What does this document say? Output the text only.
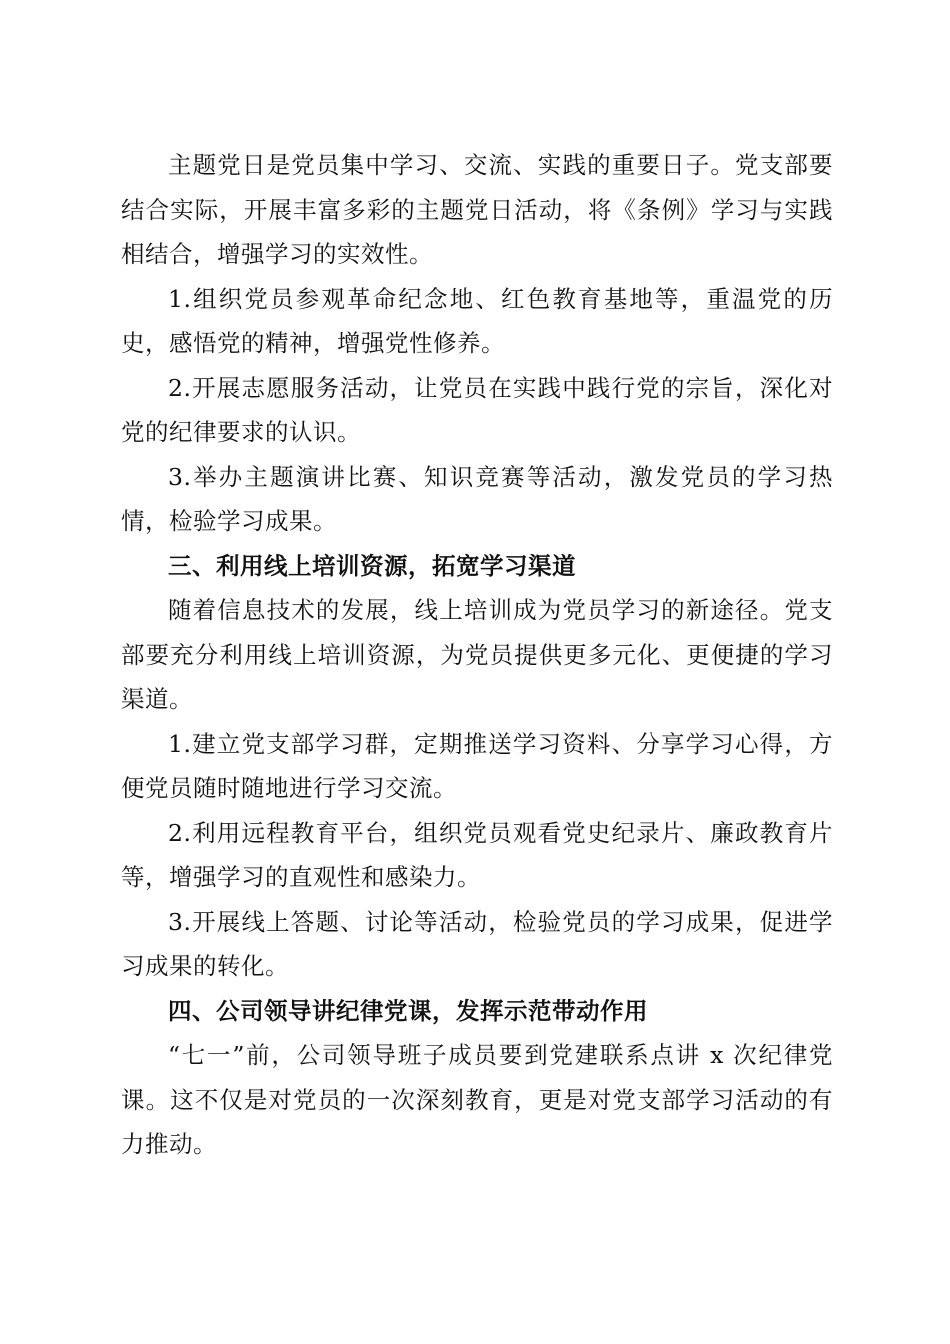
主题党日是党员集中学习、交流、实践的重要日子。党支部要结合实际，开展丰富多彩的主题党日活动，将《条例》学习与实践相结合，增强学习的实效性。

1.组织党员参观革命纪念地、红色教育基地等，重温党的历史，感悟党的精神，增强党性修养。

2.开展志愿服务活动，让党员在实践中践行党的宗旨，深化对党的纪律要求的认识。

3.举办主题演讲比赛、知识竞赛等活动，激发党员的学习热情，检验学习成果。

三、利用线上培训资源，拓宽学习渠道

随着信息技术的发展，线上培训成为党员学习的新途径。党支部要充分利用线上培训资源，为党员提供更多元化、更便捷的学习渠道。

1.建立党支部学习群，定期推送学习资料、分享学习心得，方便党员随时随地进行学习交流。

2.利用远程教育平台，组织党员观看党史纪录片、廉政教育片等，增强学习的直观性和感染力。

3.开展线上答题、讨论等活动，检验党员的学习成果，促进学习成果的转化。

四、公司领导讲纪律党课，发挥示范带动作用

“七一”前，公司领导班子成员要到党建联系点讲 x 次纪律党课。这不仅是对党员的一次深刻教育，更是对党支部学习活动的有力推动。
